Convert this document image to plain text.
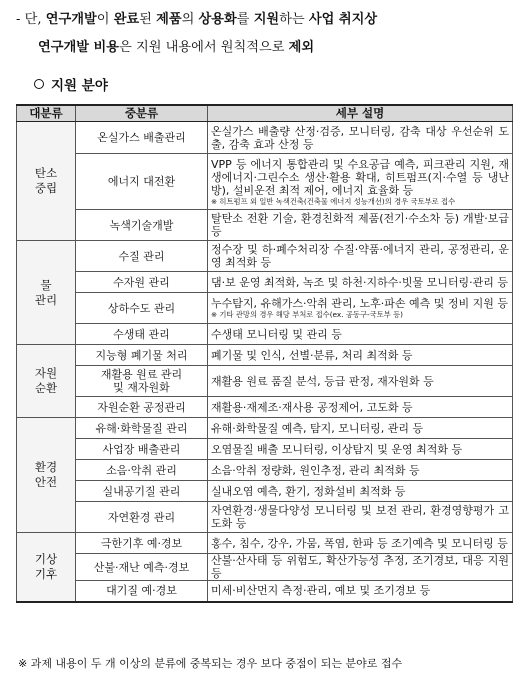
- 단, 연구개발이 완료된 제품의 상용화를 지원하는 사업 취지상
연구개발 비용은 지원 내용에서 원칙적으로 제외
지원 분야
대분류	중분류	세부 설명
탄소
중립	온실가스 배출관리	온실가스 배출량 산정·검증, 모니터링, 감축 대상 우선순위 도출, 감축 효과 산정 등
	에너지 대전환	VPP 등 에너지 통합관리 및 수요공급 예측, 피크관리 지원, 재생에너지·그린수소 생산·활용 확대, 히트펌프(지·수열 등 냉난방), 설비운전 최적 제어, 에너지 효율화 등
※ 히트펌프 외 일반 녹색건축(건축물 에너지 성능개선)의 경우 국토부로 접수

	녹색기술개발	탈탄소 전환 기술, 환경친화적 제품(전기·수소차 등) 개발·보급 등
물
관리	수질 관리	정수장 및 하·폐수처리장 수질·약품·에너지 관리, 공정관리, 운영 최적화 등
	수자원 관리	댐·보 운영 최적화, 녹조 및 하천·지하수·빗물 모니터링·관리 등
	상하수도 관리	누수탐지, 유해가스·악취 관리, 노후·파손 예측 및 정비 지원 등
※ 기타 관망의 경우 해당 부처로 접수(ex. 공동구-국토부 등)

	수생태 관리	수생태 모니터링 및 관리 등
자원
순환	지능형 폐기물 처리	폐기물 및 인식, 선별·분류, 처리 최적화 등
	재활용 원료 관리
및 재자원화	재활용 원료 품질 분석, 등급 판정, 재자원화 등
	자원순환 공정관리	재활용·재제조·재사용 공정제어, 고도화 등
환경
안전	유해·화학물질 관리	유해·화학물질 예측, 탐지, 모니터링, 관리 등
	사업장 배출관리	오염물질 배출 모니터링, 이상탐지 및 운영 최적화 등
	소음·악취 관리	소음·악취 정량화, 원인추정, 관리 최적화 등
	실내공기질 관리	실내오염 예측, 환기, 정화설비 최적화 등
	자연환경 관리	자연환경·생물다양성 모니터링 및 보전 관리, 환경영향평가 고도화 등
기상
기후	극한기후 예·경보	홍수, 침수, 강우, 가뭄, 폭염, 한파 등 조기예측 및 모니터링 등
	산불·재난 예측·경보	산불·산사태 등 위험도, 확산가능성 추정, 조기경보, 대응 지원 등
	대기질 예·경보	미세·비산먼지 측정·관리, 예보 및 조기경보 등
※ 과제 내용이 두 개 이상의 분류에 중복되는 경우 보다 중점이 되는 분야로 접수
